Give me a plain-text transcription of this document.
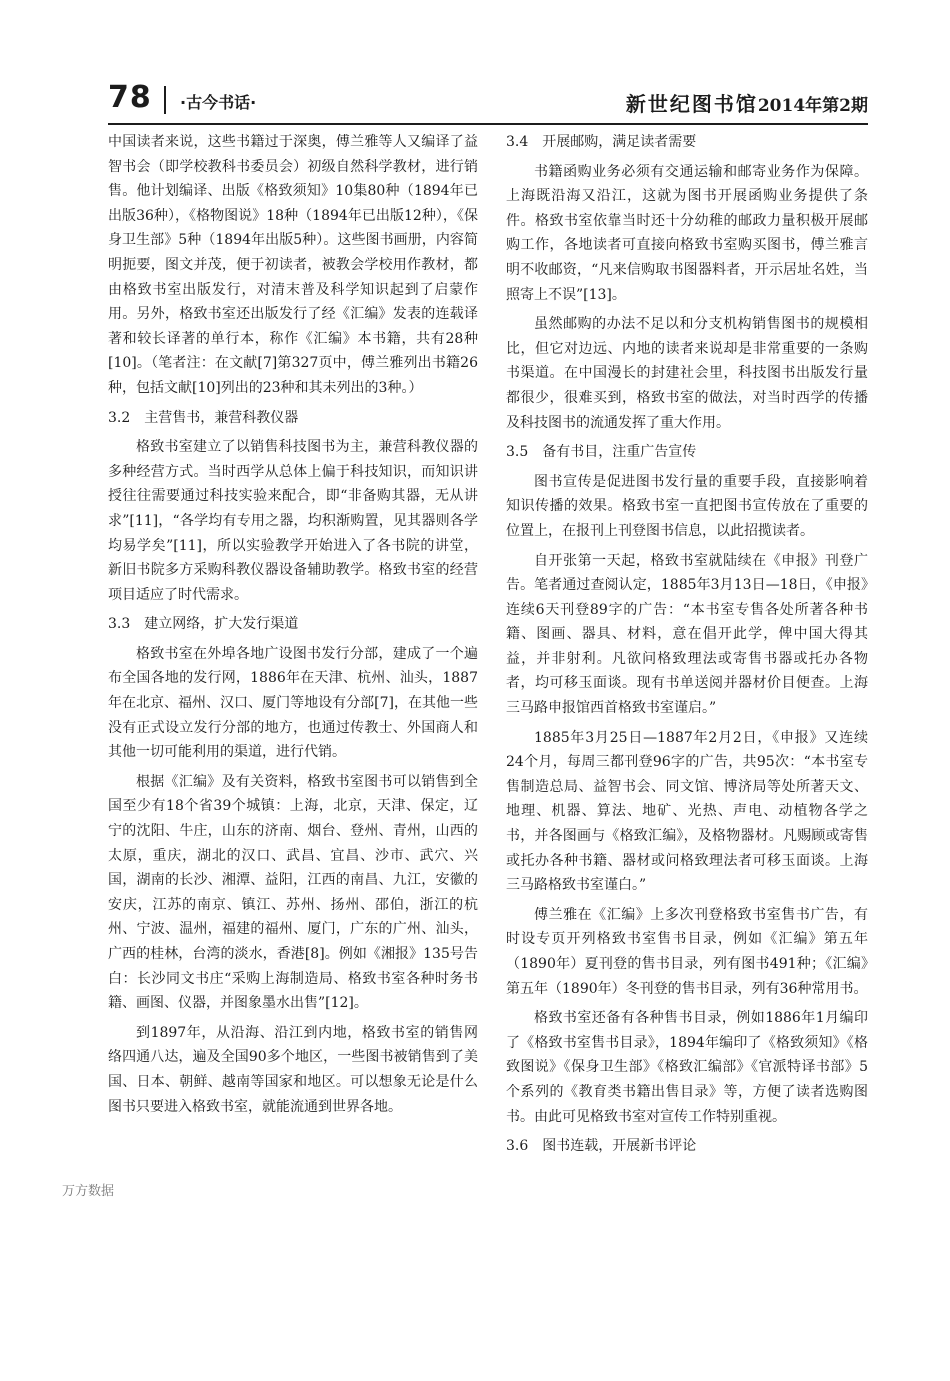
78 ·古今书话·	新世纪图书馆2014年第2期

中国读者来说，这些书籍过于深奥，傅兰雅等人又编译了益智书会（即学校教科书委员会）初级自然科学教材，进行销售。他计划编译、出版《格致须知》10集80种（1894年已出版36种），《格物图说》18种（1894年已出版12种），《保身卫生部》5种（1894年出版5种）。这些图书画册，内容简明扼要，图文并茂，便于初读者，被教会学校用作教材，都由格致书室出版发行，对清末普及科学知识起到了启蒙作用。另外，格致书室还出版发行了经《汇编》发表的连载译著和较长译著的单行本，称作《汇编》本书籍，共有28种[10]。（笔者注：在文献[7]第327页中，傅兰雅列出书籍26种，包括文献[10]列出的23种和其未列出的3种。）

3.2　主营售书，兼营科教仪器

格致书室建立了以销售科技图书为主，兼营科教仪器的多种经营方式。当时西学从总体上偏于科技知识，而知识讲授往往需要通过科技实验来配合，即“非备购其器，无从讲求”[11]，“各学均有专用之器，均积渐购置，见其器则各学均易学矣”[11]，所以实验教学开始进入了各书院的讲堂，新旧书院多方采购科教仪器设备辅助教学。格致书室的经营项目适应了时代需求。

3.3　建立网络，扩大发行渠道

格致书室在外埠各地广设图书发行分部，建成了一个遍布全国各地的发行网，1886年在天津、杭州、汕头，1887年在北京、福州、汉口、厦门等地设有分部[7]，在其他一些没有正式设立发行分部的地方，也通过传教士、外国商人和其他一切可能利用的渠道，进行代销。

根据《汇编》及有关资料，格致书室图书可以销售到全国至少有18个省39个城镇：上海，北京，天津、保定，辽宁的沈阳、牛庄，山东的济南、烟台、登州、青州，山西的太原，重庆，湖北的汉口、武昌、宜昌、沙市、武穴、兴国，湖南的长沙、湘潭、益阳，江西的南昌、九江，安徽的安庆，江苏的南京、镇江、苏州、扬州、邵伯，浙江的杭州、宁波、温州，福建的福州、厦门，广东的广州、汕头，广西的桂林，台湾的淡水，香港[8]。例如《湘报》135号告白：长沙同文书庄“采购上海制造局、格致书室各种时务书籍、画图、仪器，并图象墨水出售”[12]。

到1897年，从沿海、沿江到内地，格致书室的销售网络四通八达，遍及全国90多个地区，一些图书被销售到了美国、日本、朝鲜、越南等国家和地区。可以想象无论是什么图书只要进入格致书室，就能流通到世界各地。

3.4　开展邮购，满足读者需要

书籍函购业务必须有交通运输和邮寄业务作为保障。上海既沿海又沿江，这就为图书开展函购业务提供了条件。格致书室依靠当时还十分幼稚的邮政力量积极开展邮购工作，各地读者可直接向格致书室购买图书，傅兰雅言明不收邮资，“凡来信购取书图器料者，开示居址名姓，当照寄上不误”[13]。

虽然邮购的办法不足以和分支机构销售图书的规模相比，但它对边远、内地的读者来说却是非常重要的一条购书渠道。在中国漫长的封建社会里，科技图书出版发行量都很少，很难买到，格致书室的做法，对当时西学的传播及科技图书的流通发挥了重大作用。

3.5　备有书目，注重广告宣传

图书宣传是促进图书发行量的重要手段，直接影响着知识传播的效果。格致书室一直把图书宣传放在了重要的位置上，在报刊上刊登图书信息，以此招揽读者。

自开张第一天起，格致书室就陆续在《申报》刊登广告。笔者通过查阅认定，1885年3月13日—18日，《申报》连续6天刊登89字的广告：“本书室专售各处所著各种书籍、图画、器具、材料，意在倡开此学，俾中国大得其益，并非射利。凡欲问格致理法或寄售书器或托办各物者，均可移玉面谈。现有书单送阅并器材价目便查。上海三马路申报馆西首格致书室谨启。”

1885年3月25日—1887年2月2日，《申报》又连续24个月，每周三都刊登96字的广告，共95次：“本书室专售制造总局、益智书会、同文馆、博济局等处所著天文、地理、机器、算法、地矿、光热、声电、动植物各学之书，并各图画与《格致汇编》，及格物器材。凡赐顾或寄售或托办各种书籍、器材或问格致理法者可移玉面谈。上海三马路格致书室谨白。”

傅兰雅在《汇编》上多次刊登格致书室售书广告，有时设专页开列格致书室售书目录，例如《汇编》第五年（1890年）夏刊登的售书目录，列有图书491种；《汇编》第五年（1890年）冬刊登的售书目录，列有36种常用书。

格致书室还备有各种售书目录，例如1886年1月编印了《格致书室售书目录》，1894年编印了《格致须知》《格致图说》《保身卫生部》《格致汇编部》《官派特译书部》5个系列的《教育类书籍出售目录》等，方便了读者选购图书。由此可见格致书室对宣传工作特别重视。

3.6　图书连载，开展新书评论
万方数据
